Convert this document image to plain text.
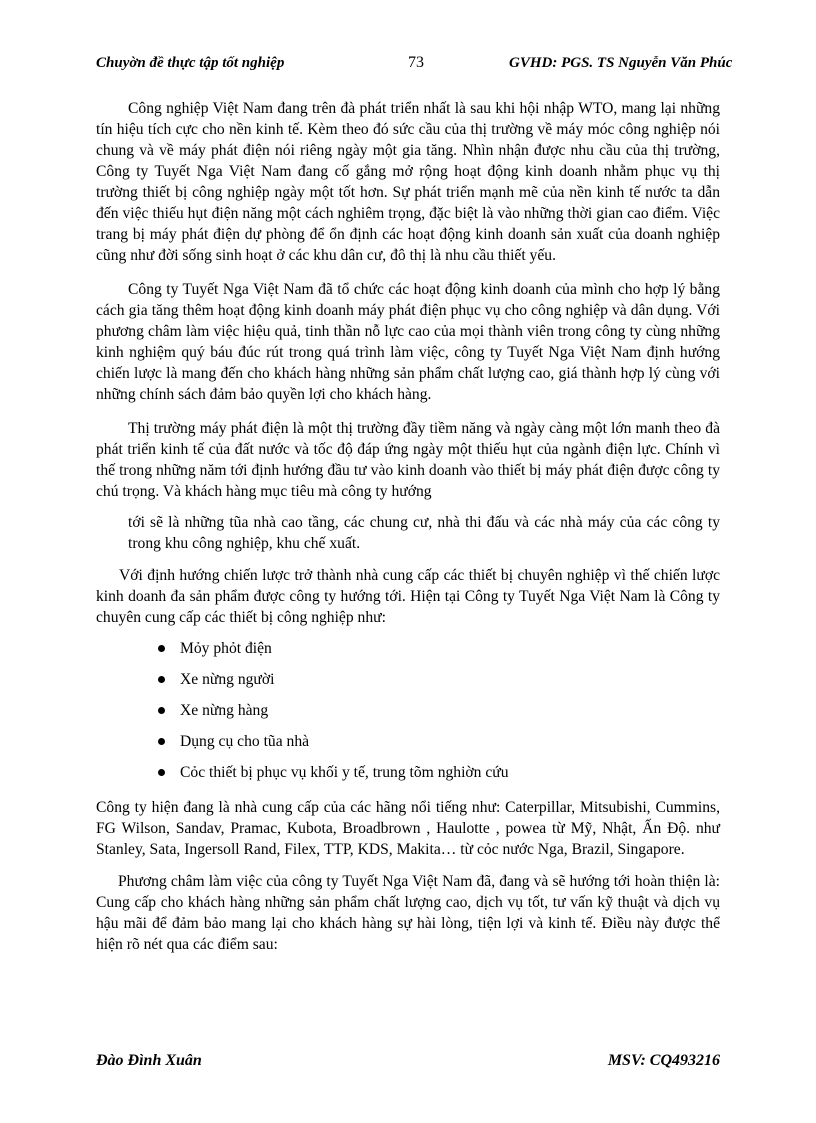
Chuyờn đề thực tập tốt nghiệp	73	GVHD: PGS. TS Nguyễn Văn Phúc

Công nghiệp Việt Nam đang trên đà phát triển nhất là sau khi hội nhập WTO, mang lại những tín hiệu tích cực cho nền kinh tế. Kèm theo đó sức cầu của thị trường về máy móc công nghiệp nói chung và về máy phát điện nói riêng ngày một gia tăng. Nhìn nhận được nhu cầu của thị trường, Công ty Tuyết Nga Việt Nam đang cố gắng mở rộng hoạt động kinh doanh nhằm phục vụ thị trường thiết bị công nghiệp ngày một tốt hơn. Sự phát triển mạnh mẽ của nền kinh tế nước ta dẫn đến việc thiếu hụt điện năng một cách nghiêm trọng, đặc biệt là vào những thời gian cao điểm. Việc trang bị máy phát điện dự phòng để ổn định các hoạt động kinh doanh sản xuất của doanh nghiệp cũng như đời sống sinh hoạt ở các khu dân cư, đô thị là nhu cầu thiết yếu.

Công ty Tuyết Nga Việt Nam đã tổ chức các hoạt động kinh doanh của mình cho hợp lý bằng cách gia tăng thêm hoạt động kinh doanh máy phát điện phục vụ cho công nghiệp và dân dụng. Với phương châm làm việc hiệu quả, tinh thần nỗ lực cao của mọi thành viên trong công ty cùng những kinh nghiệm quý báu đúc rút trong quá trình làm việc, công ty Tuyết Nga Việt Nam định hướng chiến lược là mang đến cho khách hàng những sản phẩm chất lượng cao, giá thành hợp lý cùng với những chính sách đảm bảo quyền lợi cho khách hàng.

Thị trường máy phát điện là một thị trường đầy tiềm năng và ngày càng một lớn manh theo đà phát triển kinh tế của đất nước và tốc độ đáp ứng ngày một thiếu hụt của ngành điện lực. Chính vì thế trong những năm tới định hướng đầu tư vào kinh doanh vào thiết bị máy phát điện được công ty chú trọng. Và khách hàng mục tiêu mà công ty hướng

tới sẽ là những tũa nhà cao tầng, các chung cư, nhà thi đấu và các nhà máy của các công ty trong khu công nghiệp, khu chế xuất.

Với định hướng chiến lược trở thành nhà cung cấp các thiết bị chuyên nghiệp vì thế chiến lược kinh doanh đa sản phẩm được công ty hướng tới. Hiện tại Công ty Tuyết Nga Việt Nam là Công ty chuyên cung cấp các thiết bị công nghiệp như:

Mỏy phỏt điện
Xe nừng người
Xe nừng hàng
Dụng cụ cho tũa nhà
Cỏc thiết bị phục vụ khối y tế, trung tõm nghiờn cứu

Công ty hiện đang là nhà cung cấp của các hãng nổi tiếng như: Caterpillar, Mitsubishi, Cummins, FG Wilson, Sandav, Pramac, Kubota, Broadbrown , Haulotte , powea từ Mỹ, Nhật, Ấn Độ. như Stanley, Sata, Ingersoll Rand, Filex, TTP, KDS, Makita… từ cỏc nước Nga, Brazil, Singapore.

Phương châm làm việc của công ty Tuyết Nga Việt Nam đã, đang và sẽ hướng tới hoàn thiện là: Cung cấp cho khách hàng những sản phẩm chất lượng cao, dịch vụ tốt, tư vấn kỹ thuật và dịch vụ hậu mãi để đảm bảo mang lại cho khách hàng sự hài lòng, tiện lợi và kinh tế. Điều này được thể hiện rõ nét qua các điểm sau:

Đào Đình Xuân	MSV: CQ493216
